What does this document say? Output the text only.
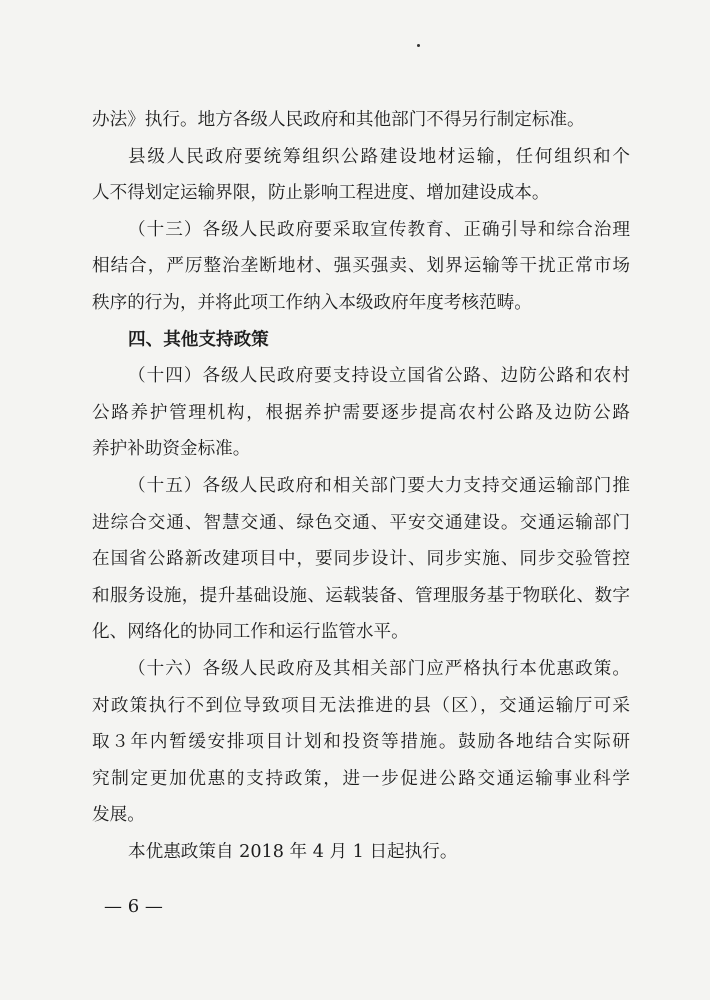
办法》执行。地方各级人民政府和其他部门不得另行制定标准。
县级人民政府要统筹组织公路建设地材运输，任何组织和个
人不得划定运输界限，防止影响工程进度、增加建设成本。
（十三）各级人民政府要采取宣传教育、正确引导和综合治理
相结合，严厉整治垄断地材、强买强卖、划界运输等干扰正常市场
秩序的行为，并将此项工作纳入本级政府年度考核范畴。
四、其他支持政策
（十四）各级人民政府要支持设立国省公路、边防公路和农村
公路养护管理机构，根据养护需要逐步提高农村公路及边防公路
养护补助资金标准。
（十五）各级人民政府和相关部门要大力支持交通运输部门推
进综合交通、智慧交通、绿色交通、平安交通建设。交通运输部门
在国省公路新改建项目中，要同步设计、同步实施、同步交验管控
和服务设施，提升基础设施、运载装备、管理服务基于物联化、数字
化、网络化的协同工作和运行监管水平。
（十六）各级人民政府及其相关部门应严格执行本优惠政策。
对政策执行不到位导致项目无法推进的县（区），交通运输厅可采
取３年内暂缓安排项目计划和投资等措施。鼓励各地结合实际研
究制定更加优惠的支持政策，进一步促进公路交通运输事业科学
发展。
本优惠政策自 2018 年 4 月 1 日起执行。
— 6 —
